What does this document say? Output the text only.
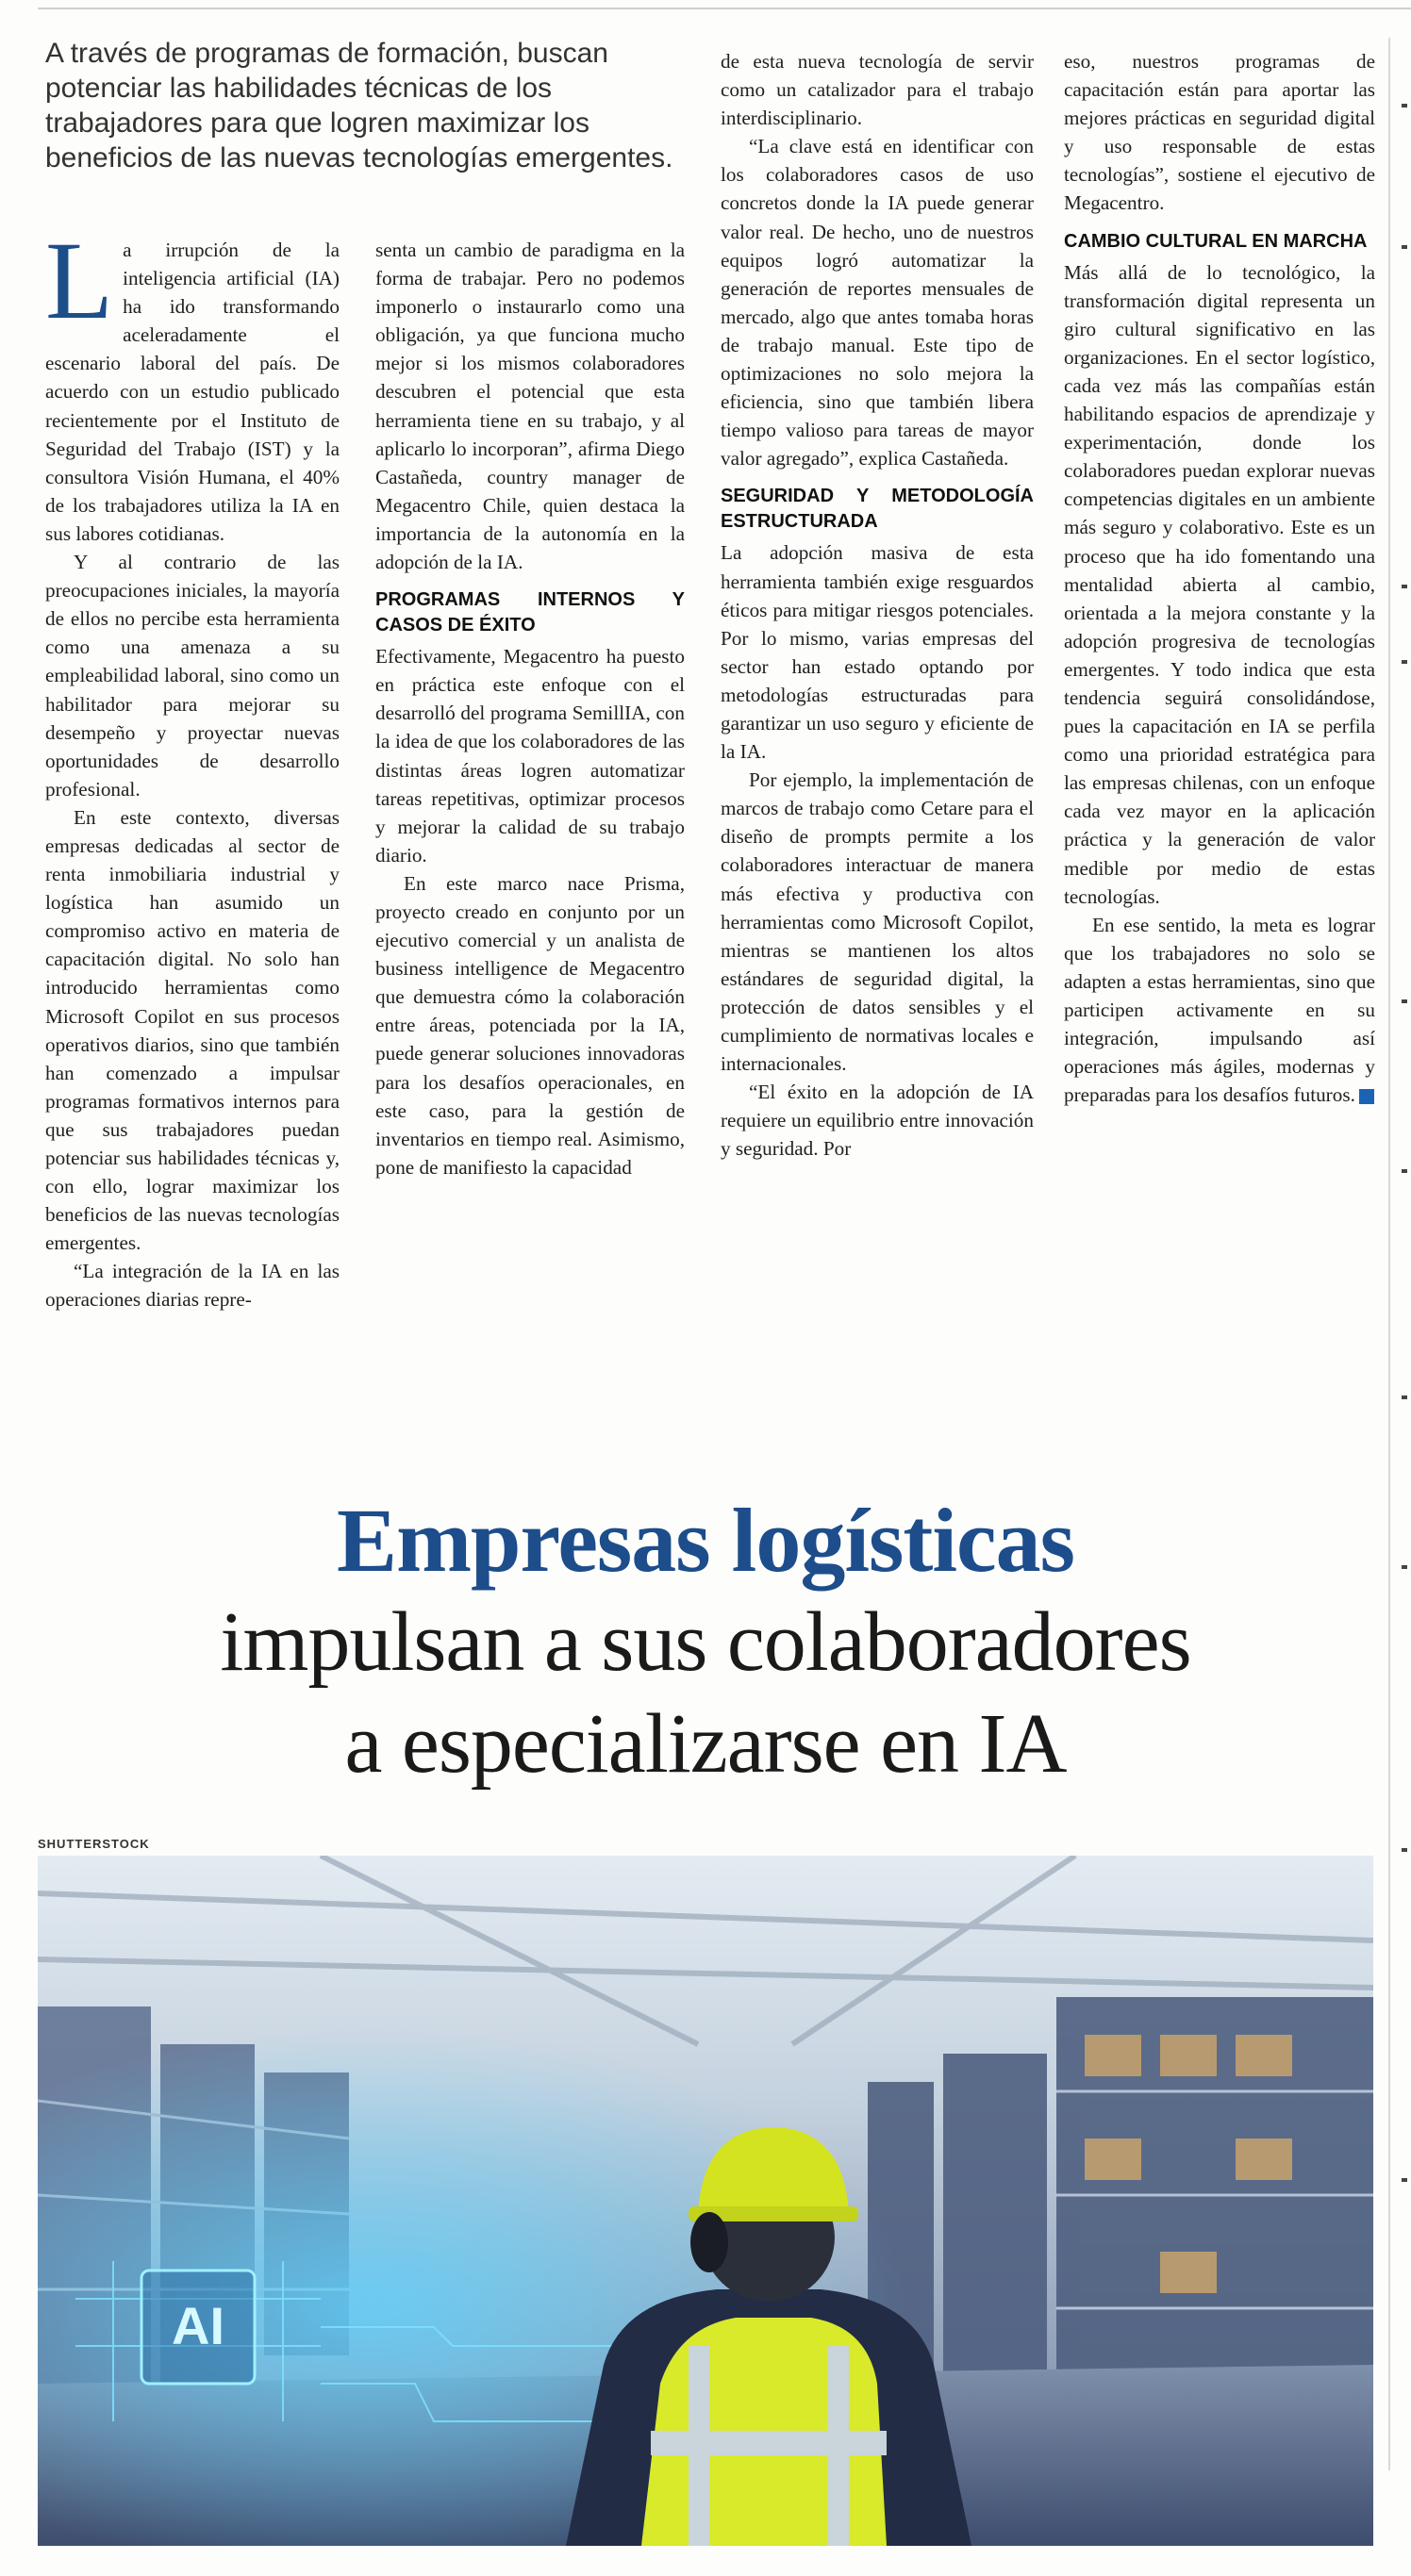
A través de programas de formación, buscan potenciar las habilidades técnicas de los trabajadores para que logren maximizar los beneficios de las nuevas tecnologías emergentes.

La irrupción de la inteligencia artificial (IA) ha ido transformando aceleradamente el escenario laboral del país. De acuerdo con un estudio publicado recientemente por el Instituto de Seguridad del Trabajo (IST) y la consultora Visión Humana, el 40% de los trabajadores utiliza la IA en sus labores cotidianas.

Y al contrario de las preocupaciones iniciales, la mayoría de ellos no percibe esta herramienta como una amenaza a su empleabilidad laboral, sino como un habilitador para mejorar su desempeño y proyectar nuevas oportunidades de desarrollo profesional.

En este contexto, diversas empresas dedicadas al sector de renta inmobiliaria industrial y logística han asumido un compromiso activo en materia de capacitación digital. No solo han introducido herramientas como Microsoft Copilot en sus procesos operativos diarios, sino que también han comenzado a impulsar programas formativos internos para que sus trabajadores puedan potenciar sus habilidades técnicas y, con ello, lograr maximizar los beneficios de las nuevas tecnologías emergentes.

“La integración de la IA en las operaciones diarias repre-

senta un cambio de paradigma en la forma de trabajar. Pero no podemos imponerlo o instaurarlo como una obligación, ya que funciona mucho mejor si los mismos colaboradores descubren el potencial que esta herramienta tiene en su trabajo, y al aplicarlo lo incorporan”, afirma Diego Castañeda, country manager de Megacentro Chile, quien destaca la importancia de la autonomía en la adopción de la IA.

PROGRAMAS INTERNOS Y CASOS DE ÉXITO

Efectivamente, Megacentro ha puesto en práctica este enfoque con el desarrolló del programa SemillIA, con la idea de que los colaboradores de las distintas áreas logren automatizar tareas repetitivas, optimizar procesos y mejorar la calidad de su trabajo diario.

En este marco nace Prisma, proyecto creado en conjunto por un ejecutivo comercial y un analista de business intelligence de Megacentro que demuestra cómo la colaboración entre áreas, potenciada por la IA, puede generar soluciones innovadoras para los desafíos operacionales, en este caso, para la gestión de inventarios en tiempo real. Asimismo, pone de manifiesto la capacidad

de esta nueva tecnología de servir como un catalizador para el trabajo interdisciplinario.

“La clave está en identificar con los colaboradores casos de uso concretos donde la IA puede generar valor real. De hecho, uno de nuestros equipos logró automatizar la generación de reportes mensuales de mercado, algo que antes tomaba horas de trabajo manual. Este tipo de optimizaciones no solo mejora la eficiencia, sino que también libera tiempo valioso para tareas de mayor valor agregado”, explica Castañeda.

SEGURIDAD Y METODOLOGÍA ESTRUCTURADA

La adopción masiva de esta herramienta también exige resguardos éticos para mitigar riesgos potenciales. Por lo mismo, varias empresas del sector han estado optando por metodologías estructuradas para garantizar un uso seguro y eficiente de la IA.

Por ejemplo, la implementación de marcos de trabajo como Cetare para el diseño de prompts permite a los colaboradores interactuar de manera más efectiva y productiva con herramientas como Microsoft Copilot, mientras se mantienen los altos estándares de seguridad digital, la protección de datos sensibles y el cumplimiento de normativas locales e internacionales.

“El éxito en la adopción de IA requiere un equilibrio entre innovación y seguridad. Por

eso, nuestros programas de capacitación están para aportar las mejores prácticas en seguridad digital y uso responsable de estas tecnologías”, sostiene el ejecutivo de Megacentro.

CAMBIO CULTURAL EN MARCHA

Más allá de lo tecnológico, la transformación digital representa un giro cultural significativo en las organizaciones. En el sector logístico, cada vez más las compañías están habilitando espacios de aprendizaje y experimentación, donde los colaboradores puedan explorar nuevas competencias digitales en un ambiente más seguro y colaborativo. Este es un proceso que ha ido fomentando una mentalidad abierta al cambio, orientada a la mejora constante y la adopción progresiva de tecnologías emergentes. Y todo indica que esta tendencia seguirá consolidándose, pues la capacitación en IA se perfila como una prioridad estratégica para las empresas chilenas, con un enfoque cada vez mayor en la aplicación práctica y la generación de valor medible por medio de estas tecnologías.

En ese sentido, la meta es lograr que los trabajadores no solo se adapten a estas herramientas, sino que participen activamente en su integración, impulsando así operaciones más ágiles, modernas y preparadas para los desafíos futuros.

Empresas logísticas
impulsan a sus colaboradores
a especializarse en IA
SHUTTERSTOCK
AI
